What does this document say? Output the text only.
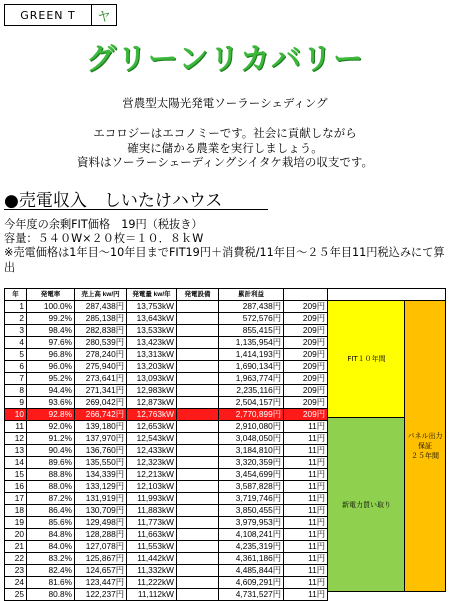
GREEN T	ヤ
グリーンリカバリー
営農型太陽光発電ソーラーシェディング
エコロジーはエコノミーです。社会に貢献しながら
確実に儲かる農業を実行しましょう。
資料はソーラーシェーディングシイタケ栽培の収支です。
●売電収入　しいたけハウス
今年度の余剰FIT価格　19円（税抜き）
容量：５４０W×２０枚＝１０．８ｋW
※売電価格は1年目～10年目までFIT19円＋消費税/11年目～２５年目11円税込みにて算出
年	発電率	売上高 kw/円	発電量 kw/年	発電設備	累計利益	
1	100.0%	287,438円	13,753kW		287,438円	209円
2	99.2%	285,138円	13,643kW		572,576円	209円
3	98.4%	282,838円	13,533kW		855,415円	209円
4	97.6%	280,539円	13,423kW		1,135,954円	209円
5	96.8%	278,240円	13,313kW		1,414,193円	209円
6	96.0%	275,940円	13,203kW		1,690,134円	209円
7	95.2%	273,641円	13,093kW		1,963,774円	209円
8	94.4%	271,341円	12,983kW		2,235,116円	209円
9	93.6%	269,042円	12,873kW		2,504,157円	209円
10	92.8%	266,742円	12,763kW		2,770,899円	209円
11	92.0%	139,180円	12,653kW		2,910,080円	11円
12	91.2%	137,970円	12,543kW		3,048,050円	11円
13	90.4%	136,760円	12,433kW		3,184,810円	11円
14	89.6%	135,550円	12,323kW		3,320,359円	11円
15	88.8%	134,339円	12,213kW		3,454,699円	11円
16	88.0%	133,129円	12,103kW		3,587,828円	11円
17	87.2%	131,919円	11,993kW		3,719,746円	11円
18	86.4%	130,709円	11,883kW		3,850,455円	11円
19	85.6%	129,498円	11,773kW		3,979,953円	11円
20	84.8%	128,288円	11,663kW		4,108,241円	11円
21	84.0%	127,078円	11,553kW		4,235,319円	11円
22	83.2%	125,867円	11,442kW		4,361,186円	11円
23	82.4%	124,657円	11,332kW		4,485,844円	11円
24	81.6%	123,447円	11,222kW		4,609,291円	11円
25	80.8%	122,237円	11,112kW		4,731,527円	11円
FIT１０年間
新電力買い取り
パネル出力保証
２５年間
